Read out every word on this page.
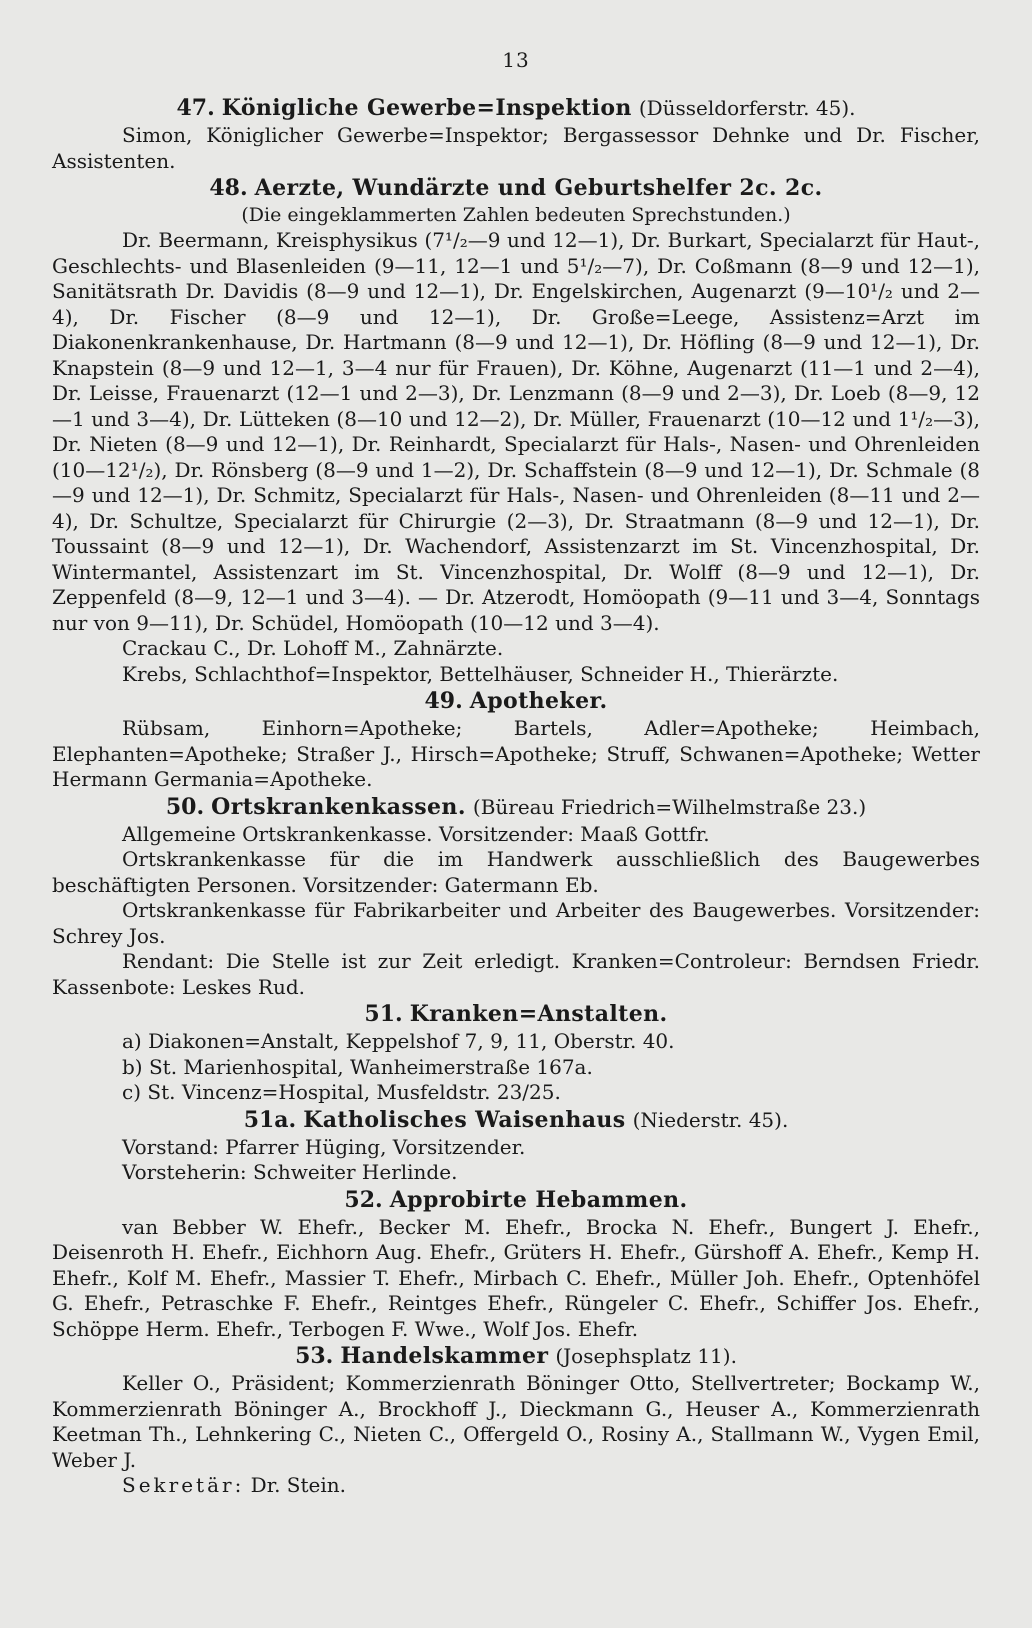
13

47. Königliche Gewerbe=Inspektion (Düsseldorferstr. 45).

Simon, Königlicher Gewerbe=Inspektor; Bergassessor Dehnke und Dr. Fischer, Assistenten.

48. Aerzte, Wundärzte und Geburtshelfer 2c. 2c.

(Die eingeklammerten Zahlen bedeuten Sprechstunden.)

Dr. Beermann, Kreisphysikus (7¹/₂—9 und 12—1), Dr. Burkart, Specialarzt für Haut-, Geschlechts- und Blasenleiden (9—11, 12—1 und 5¹/₂—7), Dr. Coßmann (8—9 und 12—1), Sanitätsrath Dr. Davidis (8—9 und 12—1), Dr. Engelskirchen, Augenarzt (9—10¹/₂ und 2—4), Dr. Fischer (8—9 und 12—1), Dr. Große=Leege, Assistenz=Arzt im Diakonenkrankenhause, Dr. Hartmann (8—9 und 12—1), Dr. Höfling (8—9 und 12—1), Dr. Knapstein (8—9 und 12—1, 3—4 nur für Frauen), Dr. Köhne, Augenarzt (11—1 und 2—4), Dr. Leisse, Frauenarzt (12—1 und 2—3), Dr. Lenzmann (8—9 und 2—3), Dr. Loeb (8—9, 12—1 und 3—4), Dr. Lütteken (8—10 und 12—2), Dr. Müller, Frauenarzt (10—12 und 1¹/₂—3), Dr. Nieten (8—9 und 12—1), Dr. Reinhardt, Specialarzt für Hals-, Nasen- und Ohrenleiden (10—12¹/₂), Dr. Rönsberg (8—9 und 1—2), Dr. Schaffstein (8—9 und 12—1), Dr. Schmale (8—9 und 12—1), Dr. Schmitz, Specialarzt für Hals-, Nasen- und Ohrenleiden (8—11 und 2—4), Dr. Schultze, Specialarzt für Chirurgie (2—3), Dr. Straatmann (8—9 und 12—1), Dr. Toussaint (8—9 und 12—1), Dr. Wachendorf, Assistenzarzt im St. Vincenzhospital, Dr. Wintermantel, Assistenzart im St. Vincenzhospital, Dr. Wolff (8—9 und 12—1), Dr. Zeppenfeld (8—9, 12—1 und 3—4). — Dr. Atzerodt, Homöopath (9—11 und 3—4, Sonntags nur von 9—11), Dr. Schüdel, Homöopath (10—12 und 3—4).

Crackau C., Dr. Lohoff M., Zahnärzte.

Krebs, Schlachthof=Inspektor, Bettelhäuser, Schneider H., Thierärzte.

49. Apotheker.

Rübsam, Einhorn=Apotheke; Bartels, Adler=Apotheke; Heimbach, Elephanten=Apotheke; Straßer J., Hirsch=Apotheke; Struff, Schwanen=Apotheke; Wetter Hermann Germania=Apotheke.

50. Ortskrankenkassen. (Büreau Friedrich=Wilhelmstraße 23.)

Allgemeine Ortskrankenkasse. Vorsitzender: Maaß Gottfr.

Ortskrankenkasse für die im Handwerk ausschließlich des Baugewerbes beschäftigten Personen. Vorsitzender: Gatermann Eb.

Ortskrankenkasse für Fabrikarbeiter und Arbeiter des Baugewerbes. Vorsitzender: Schrey Jos.

Rendant: Die Stelle ist zur Zeit erledigt. Kranken=Controleur: Berndsen Friedr. Kassenbote: Leskes Rud.

51. Kranken=Anstalten.

a) Diakonen=Anstalt, Keppelshof 7, 9, 11, Oberstr. 40.

b) St. Marienhospital, Wanheimerstraße 167a.

c) St. Vincenz=Hospital, Musfeldstr. 23/25.

51a. Katholisches Waisenhaus (Niederstr. 45).

Vorstand: Pfarrer Hüging, Vorsitzender.

Vorsteherin: Schweiter Herlinde.

52. Approbirte Hebammen.

van Bebber W. Ehefr., Becker M. Ehefr., Brocka N. Ehefr., Bungert J. Ehefr., Deisenroth H. Ehefr., Eichhorn Aug. Ehefr., Grüters H. Ehefr., Gürshoff A. Ehefr., Kemp H. Ehefr., Kolf M. Ehefr., Massier T. Ehefr., Mirbach C. Ehefr., Müller Joh. Ehefr., Optenhöfel G. Ehefr., Petraschke F. Ehefr., Reintges Ehefr., Rüngeler C. Ehefr., Schiffer Jos. Ehefr., Schöppe Herm. Ehefr., Terbogen F. Wwe., Wolf Jos. Ehefr.

53. Handelskammer (Josephsplatz 11).

Keller O., Präsident; Kommerzienrath Böninger Otto, Stellvertreter; Bockamp W., Kommerzienrath Böninger A., Brockhoff J., Dieckmann G., Heuser A., Kommerzienrath Keetman Th., Lehnkering C., Nieten C., Offergeld O., Rosiny A., Stallmann W., Vygen Emil, Weber J.

Sekretär: Dr. Stein.
